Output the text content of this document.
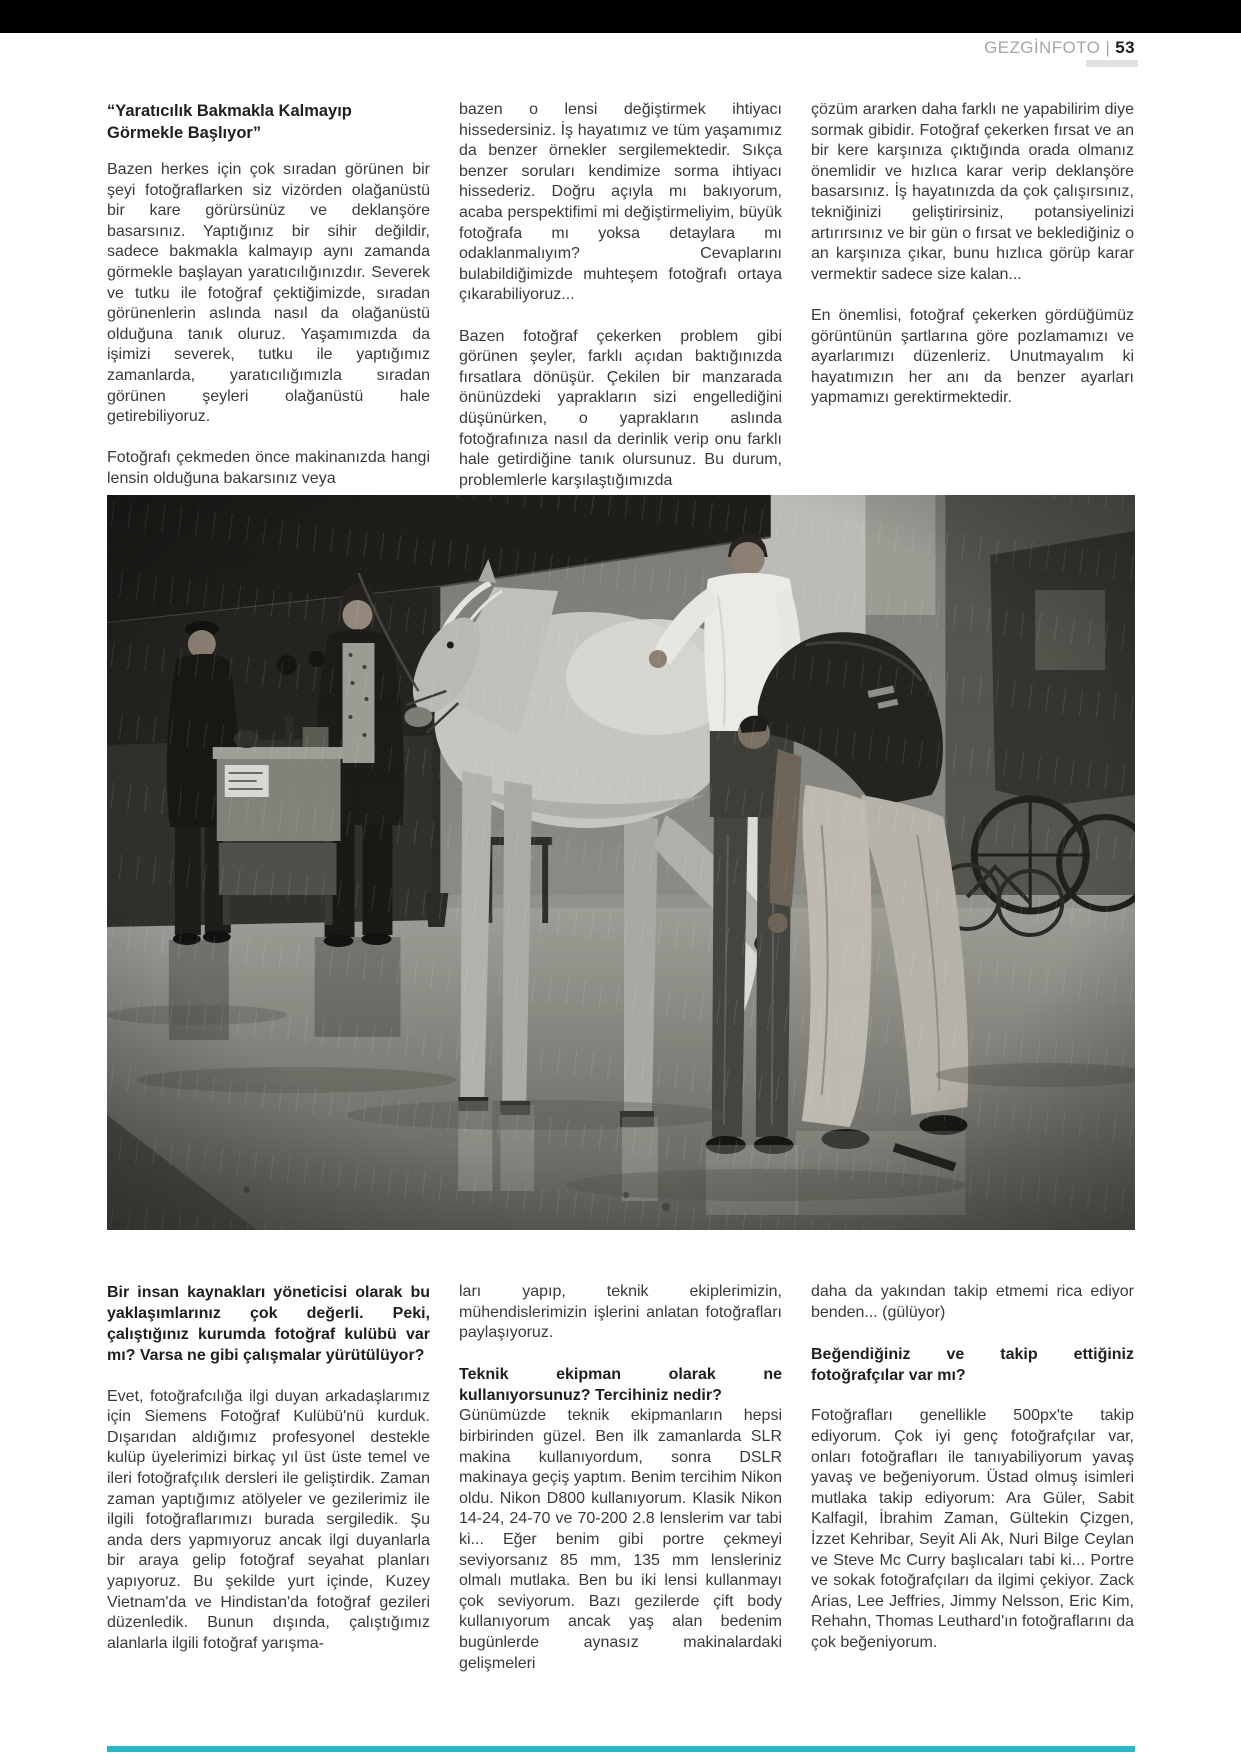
GEZGİNFOTO | 53
“Yaratıcılık Bakmakla Kalmayıp Görmekle Başlıyor”

Bazen herkes için çok sıradan görünen bir şeyi fotoğraflarken siz vizörden olağanüstü bir kare görürsünüz ve deklanşöre basarsınız. Yaptığınız bir sihir değildir, sadece bakmakla kalmayıp aynı zamanda görmekle başlayan yaratıcılığınızdır. Severek ve tutku ile fotoğraf çektiğimizde, sıradan görünenlerin aslında nasıl da olağanüstü olduğuna tanık oluruz. Yaşamımızda da işimizi severek, tutku ile yaptığımız zamanlarda, yaratıcılığımızla sıradan görünen şeyleri olağanüstü hale getirebiliyoruz.

Fotoğrafı çekmeden önce makinanızda hangi lensin olduğuna bakarsınız veya

bazen o lensi değiştirmek ihtiyacı hissedersiniz. İş hayatımız ve tüm yaşamımız da benzer örnekler sergilemektedir. Sıkça benzer soruları kendimize sorma ihtiyacı hissederiz. Doğru açıyla mı bakıyorum, acaba perspektifimi mi değiştirmeliyim, büyük fotoğrafa mı yoksa detaylara mı odaklanmalıyım? Cevaplarını bulabildiğimizde muhteşem fotoğrafı ortaya çıkarabiliyoruz...

Bazen fotoğraf çekerken problem gibi görünen şeyler, farklı açıdan baktığınızda fırsatlara dönüşür. Çekilen bir manzarada önünüzdeki yaprakların sizi engellediğini düşünürken, o yaprakların aslında fotoğrafınıza nasıl da derinlik verip onu farklı hale getirdiğine tanık olursunuz. Bu durum, problemlerle karşılaştığımızda

çözüm ararken daha farklı ne yapabilirim diye sormak gibidir. Fotoğraf çekerken fırsat ve an bir kere karşınıza çıktığında orada olmanız önemlidir ve hızlıca karar verip deklanşöre basarsınız. İş hayatınızda da çok çalışırsınız, tekniğinizi geliştirirsiniz, potansiyelinizi artırırsınız ve bir gün o fırsat ve beklediğiniz o an karşınıza çıkar, bunu hızlıca görüp karar vermektir sadece size kalan...

En önemlisi, fotoğraf çekerken gördüğümüz görüntünün şartlarına göre pozlamamızı ve ayarlarımızı düzenleriz. Unutmayalım ki hayatımızın her anı da benzer ayarları yapmamızı gerektirmektedir.

Bir insan kaynakları yöneticisi olarak bu yaklaşımlarınız çok değerli. Peki, çalıştığınız kurumda fotoğraf kulübü var mı? Varsa ne gibi çalışmalar yürütülüyor?

Evet, fotoğrafcılığa ilgi duyan arkadaşlarımız için Siemens Fotoğraf Kulübü'nü kurduk. Dışarıdan aldığımız profesyonel destekle kulüp üyelerimizi birkaç yıl üst üste temel ve ileri fotoğrafçılık dersleri ile geliştirdik. Zaman zaman yaptığımız atölyeler ve gezilerimiz ile ilgili fotoğraflarımızı burada sergiledik. Şu anda ders yapmıyoruz ancak ilgi duyanlarla bir araya gelip fotoğraf seyahat planları yapıyoruz. Bu şekilde yurt içinde, Kuzey Vietnam'da ve Hindistan'da fotoğraf gezileri düzenledik. Bunun dışında, çalıştığımız alanlarla ilgili fotoğraf yarışma-

ları yapıp, teknik ekiplerimizin, mühendislerimizin işlerini anlatan fotoğrafları paylaşıyoruz.

Teknik ekipman olarak ne kullanıyorsunuz? Tercihiniz nedir?

Günümüzde teknik ekipmanların hepsi birbirinden güzel. Ben ilk zamanlarda SLR makina kullanıyordum, sonra DSLR makinaya geçiş yaptım. Benim tercihim Nikon oldu. Nikon D800 kullanıyorum. Klasik Nikon 14-24, 24-70 ve 70-200 2.8 lenslerim var tabi ki... Eğer benim gibi portre çekmeyi seviyorsanız 85 mm, 135 mm lensleriniz olmalı mutlaka. Ben bu iki lensi kullanmayı çok seviyorum. Bazı gezilerde çift body kullanıyorum ancak yaş alan bedenim bugünlerde aynasız makinalardaki gelişmeleri

daha da yakından takip etmemi rica ediyor benden... (gülüyor)

Beğendiğiniz ve takip ettiğiniz fotoğrafçılar var mı?

Fotoğrafları genellikle 500px'te takip ediyorum. Çok iyi genç fotoğrafçılar var, onları fotoğrafları ile tanıyabiliyorum yavaş yavaş ve beğeniyorum. Üstad olmuş isimleri mutlaka takip ediyorum: Ara Güler, Sabit Kalfagil, İbrahim Zaman, Gültekin Çizgen, İzzet Kehribar, Seyit Ali Ak, Nuri Bilge Ceylan ve Steve Mc Curry başlıcaları tabi ki... Portre ve sokak fotoğrafçıları da ilgimi çekiyor. Zack Arias, Lee Jeffries, Jimmy Nelsson, Eric Kim, Rehahn, Thomas Leuthard'ın fotoğraflarını da çok beğeniyorum.
